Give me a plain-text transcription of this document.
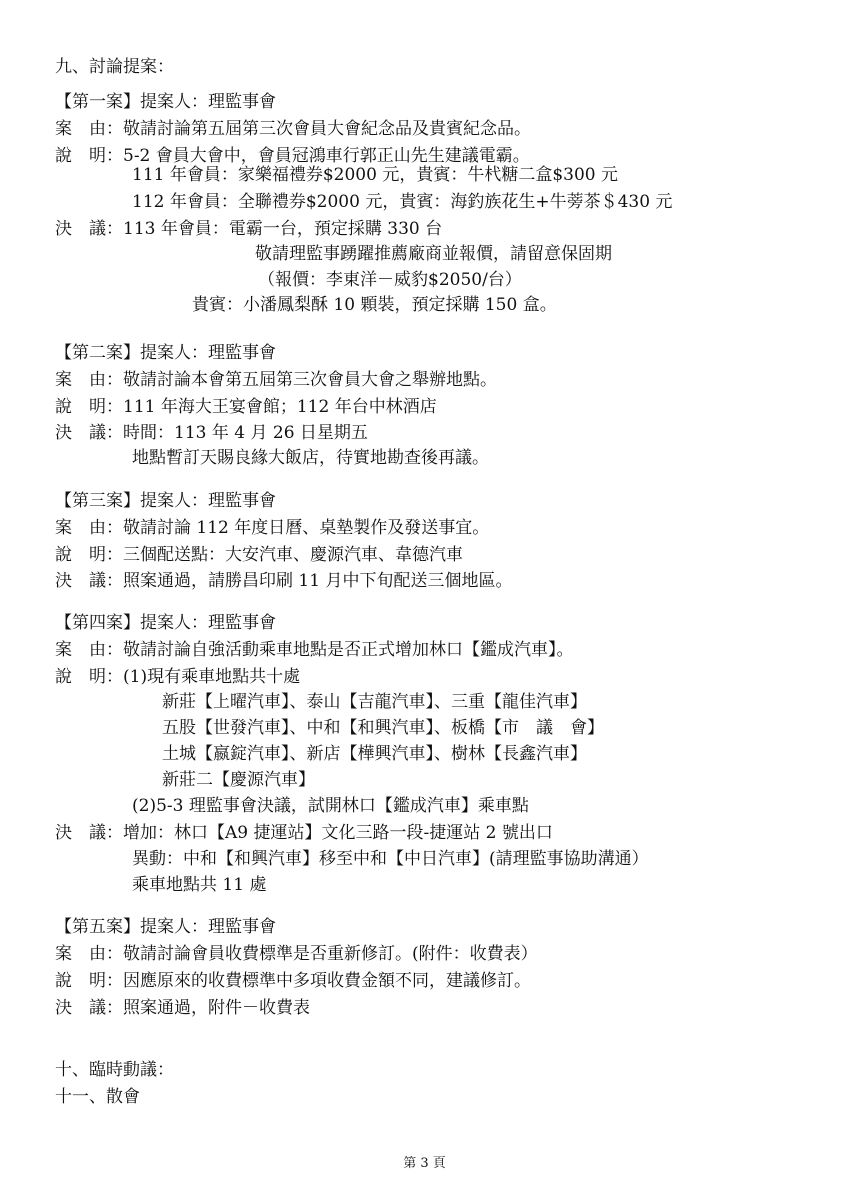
九、討論提案：
【第一案】提案人：理監事會
案　由：敬請討論第五屆第三次會員大會紀念品及貴賓紀念品。
說　明：5-2 會員大會中，會員冠鴻車行郭正山先生建議電霸。
111 年會員：家樂福禮券$2000 元，貴賓：牛杙糖二盒$300 元
112 年會員：全聯禮券$2000 元，貴賓：海釣族花生+牛蒡茶＄430 元
決　議：113 年會員：電霸一台，預定採購 330 台
敬請理監事踴躍推薦廠商並報價，請留意保固期
（報價：李東洋－威豹$2050/台）
貴賓：小潘鳳梨酥 10 顆裝，預定採購 150 盒。
【第二案】提案人：理監事會
案　由：敬請討論本會第五屆第三次會員大會之舉辦地點。
說　明：111 年海大王宴會館；112 年台中林酒店
決　議：時間：113 年 4 月 26 日星期五
地點暫訂天賜良緣大飯店，待實地勘查後再議。
【第三案】提案人：理監事會
案　由：敬請討論 112 年度日曆、桌墊製作及發送事宜。
說　明：三個配送點：大安汽車、慶源汽車、韋德汽車
決　議：照案通過，請勝昌印刷 11 月中下旬配送三個地區。
【第四案】提案人：理監事會
案　由：敬請討論自強活動乘車地點是否正式增加林口【鑑成汽車】。
說　明：(1)現有乘車地點共十處
新莊【上曜汽車】、泰山【吉龍汽車】、三重【龍佳汽車】
五股【世發汽車】、中和【和興汽車】、板橋【市　議　會】
土城【嬴錠汽車】、新店【樺興汽車】、樹林【長鑫汽車】
新莊二【慶源汽車】
(2)5-3 理監事會決議，試開林口【鑑成汽車】乘車點
決　議：增加：林口【A9 捷運站】文化三路一段-捷運站 2 號出口
異動：中和【和興汽車】移至中和【中日汽車】(請理監事協助溝通）
乘車地點共 11 處
【第五案】提案人：理監事會
案　由：敬請討論會員收費標準是否重新修訂。(附件：收費表）
說　明：因應原來的收費標準中多項收費金額不同，建議修訂。
決　議：照案通過，附件－收費表
十、臨時動議：
十一、散會
第 3 頁
